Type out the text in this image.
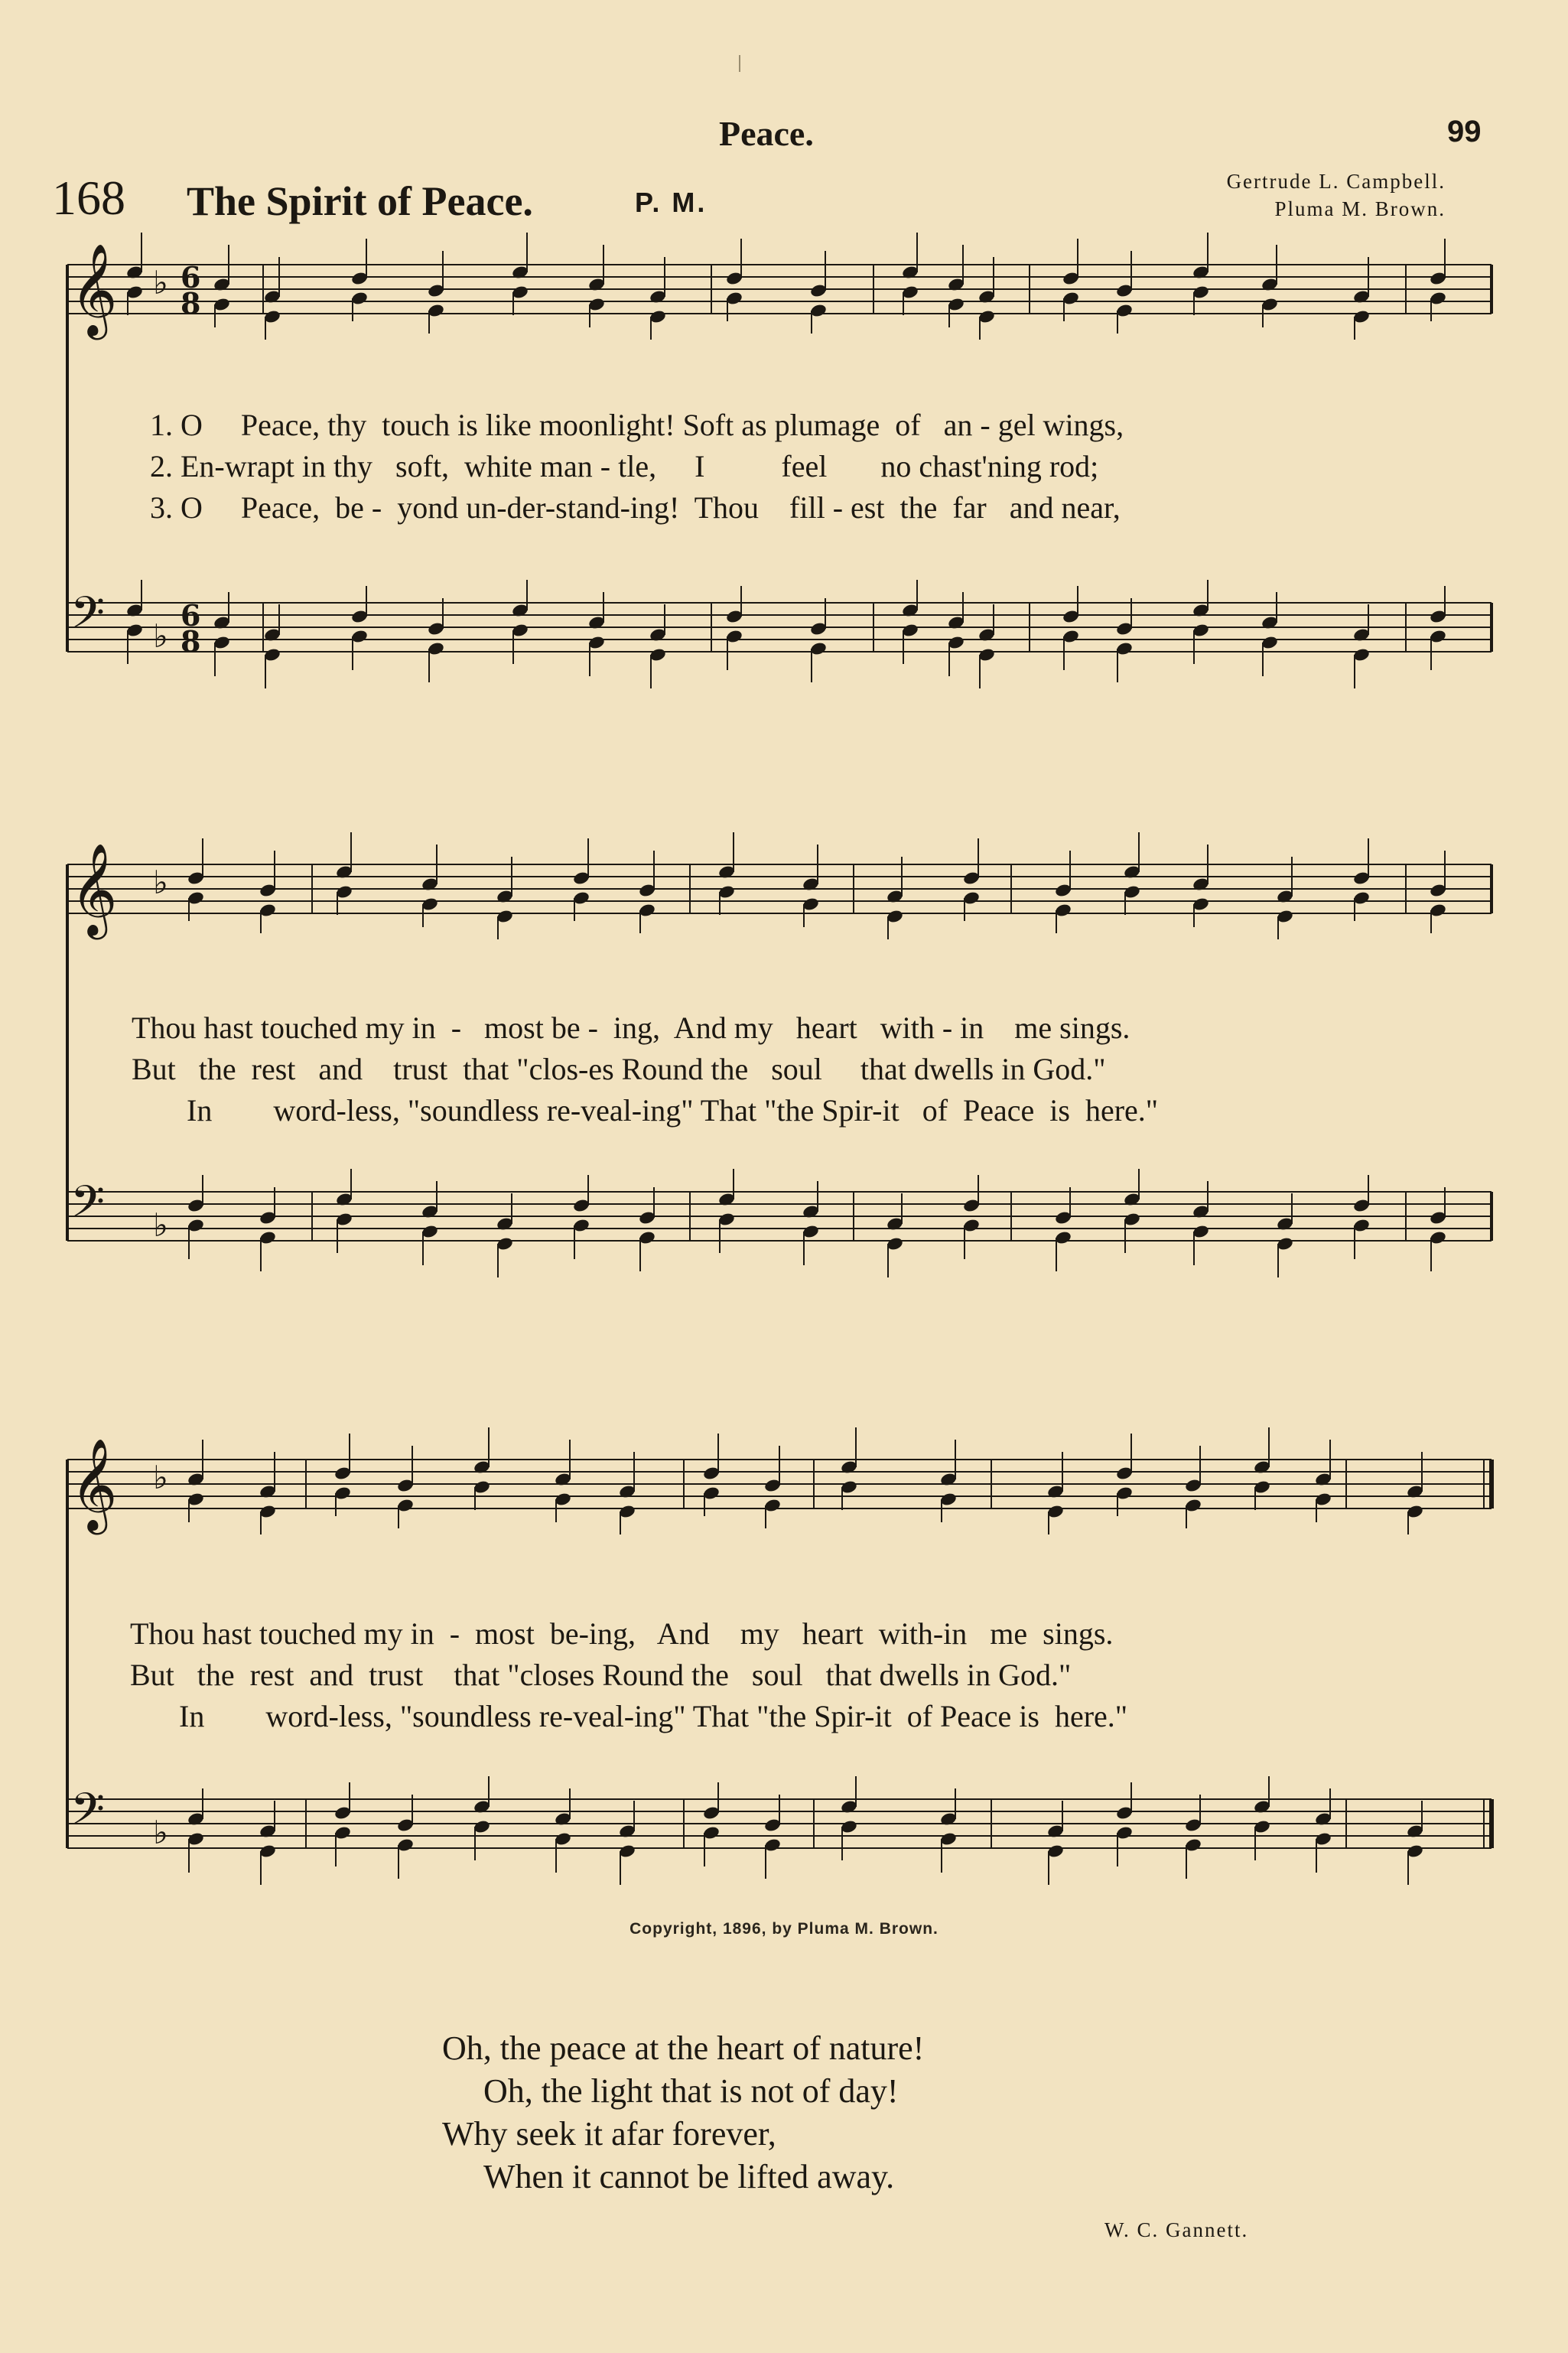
Peace.	99
168 The Spirit of Peace.	P. M.
Gertrude L. Campbell.
Pluma M. Brown.
𝄞 ♭ 6
8
𝄢 ♭
6
8
𝄞 ♭
𝄢 ♭
𝄞 ♭
𝄢 ♭
1. O     Peace, thy  touch is like moonlight! Soft as plumage  of   an - gel wings,
2. En-wrapt in thy   soft,  white man - tle,     I          feel       no chast'ning rod;
3. O     Peace,  be -  yond un-der-stand-ing!  Thou    fill - est  the  far   and near,
Thou hast touched my in  -   most be -  ing,  And my   heart   with - in    me sings.
But   the  rest   and    trust  that "clos-es Round the   soul     that dwells in God."
In        word-less, "soundless re-veal-ing" That "the Spir-it   of  Peace  is  here."
Thou hast touched my in  -  most  be-ing,   And    my   heart  with-in   me  sings.
But   the  rest  and  trust    that "closes Round the   soul   that dwells in God."
In        word-less, "soundless re-veal-ing" That "the Spir-it  of Peace is  here."
Copyright, 1896, by Pluma M. Brown.
Oh, the peace at the heart of nature!
Oh, the light that is not of day!
Why seek it afar forever,
When it cannot be lifted away.
W. C. Gannett.
